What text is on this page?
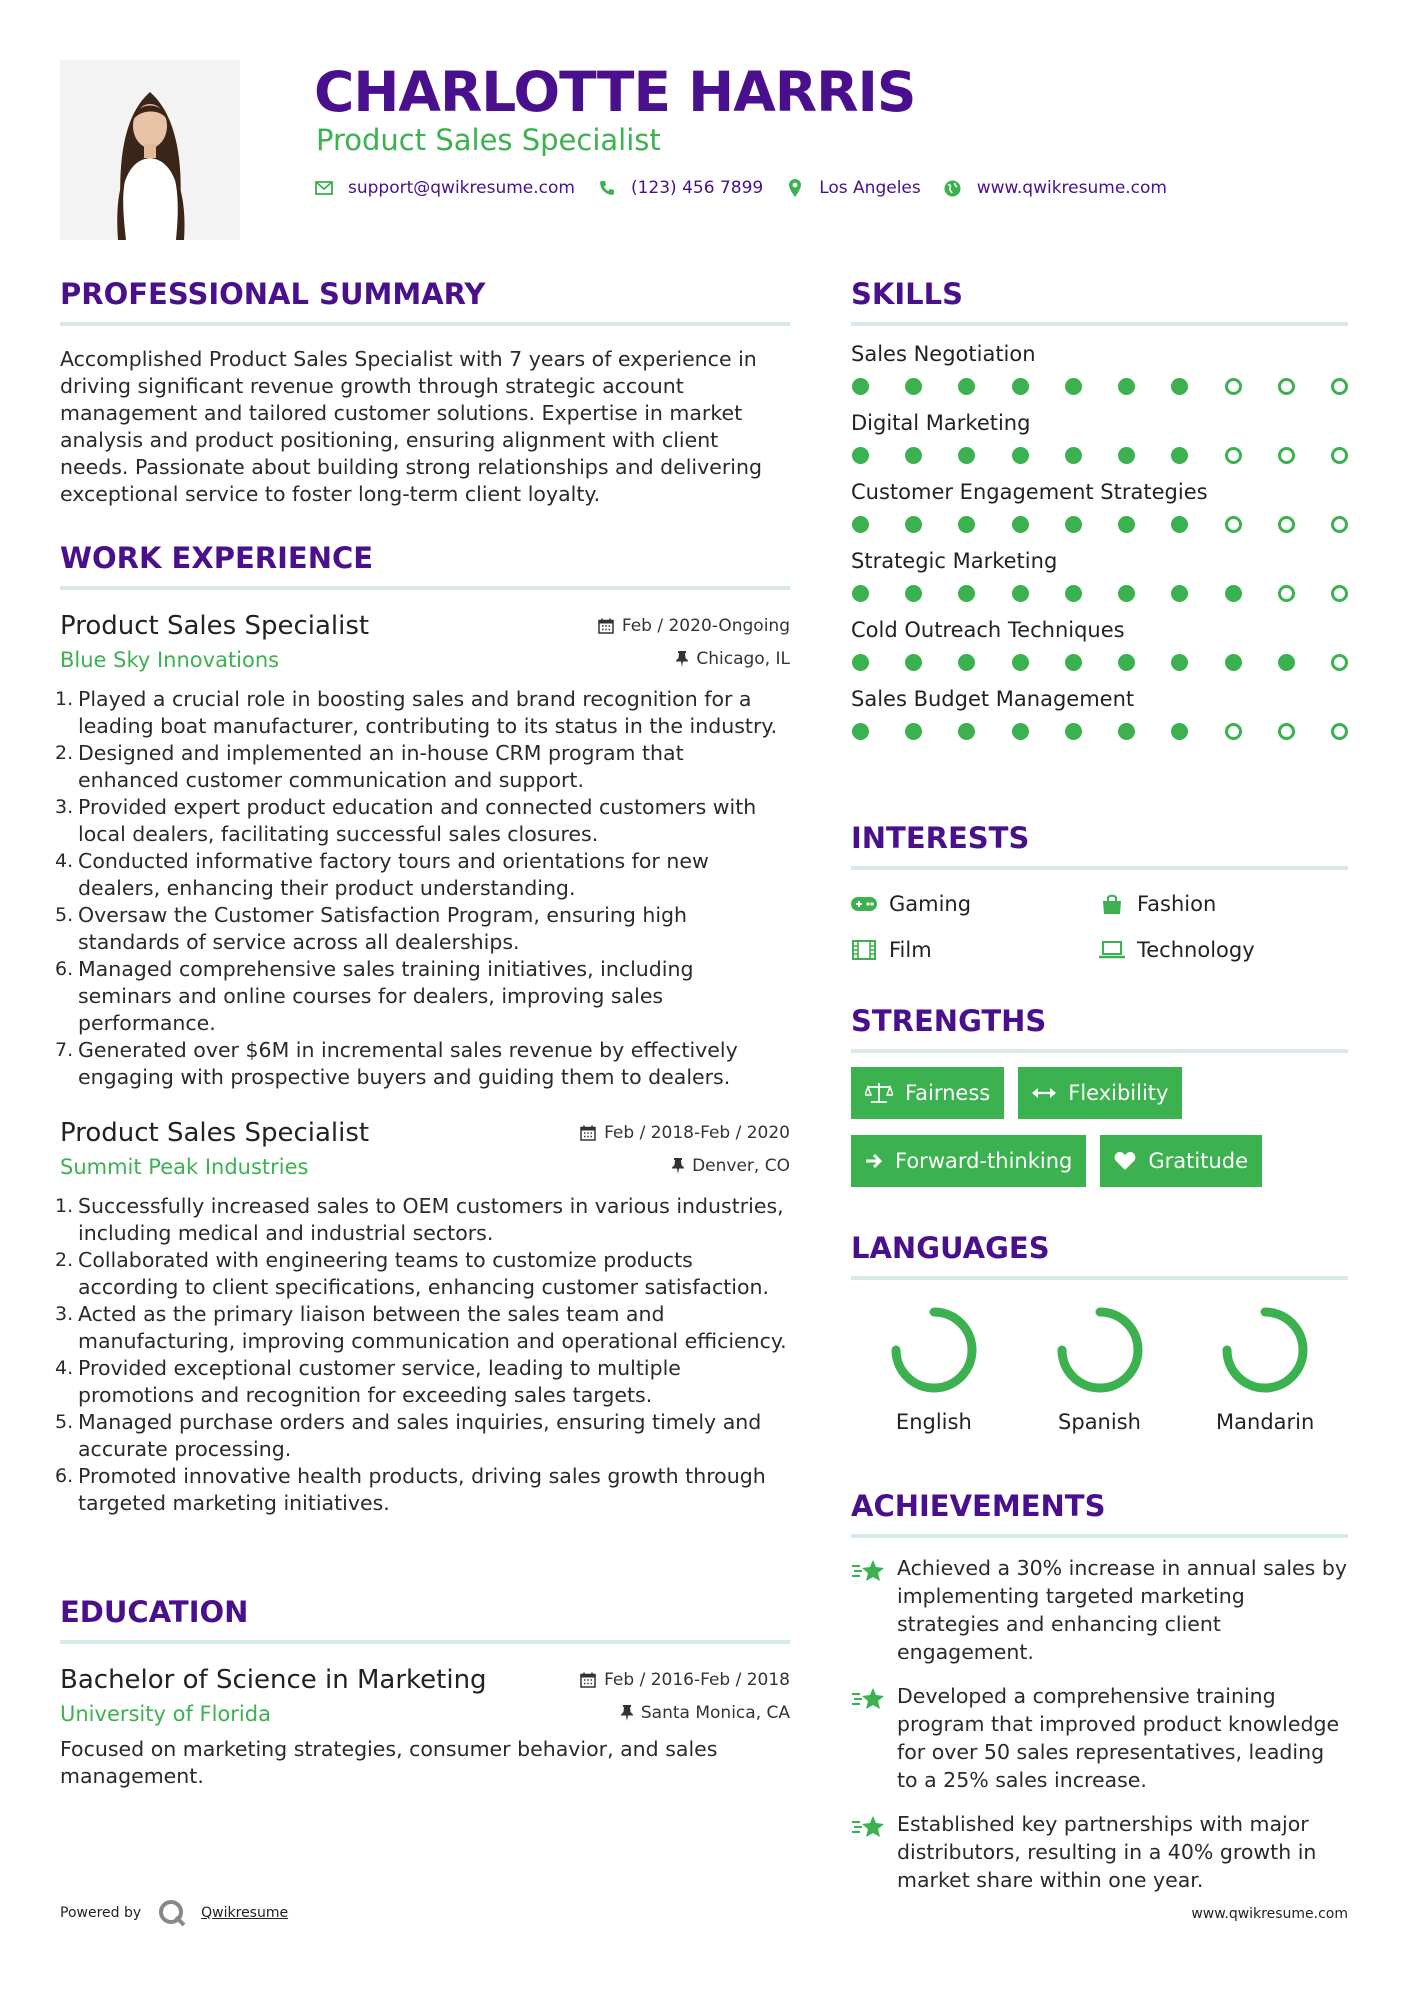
CHARLOTTE HARRIS
Product Sales Specialist
support@qwikresume.com	(123) 456 7899	Los Angeles	www.qwikresume.com
PROFESSIONAL SUMMARY

Accomplished Product Sales Specialist with 7 years of experience in driving significant revenue growth through strategic account management and tailored customer solutions. Expertise in market analysis and product positioning, ensuring alignment with client needs. Passionate about building strong relationships and delivering exceptional service to foster long-term client loyalty.

WORK EXPERIENCE
Product Sales Specialist	Feb / 2020-Ongoing
Blue Sky Innovations	Chicago, IL
1. Played a crucial role in boosting sales and brand recognition for a leading boat manufacturer, contributing to its status in the industry.
2. Designed and implemented an in-house CRM program that enhanced customer communication and support.
3. Provided expert product education and connected customers with local dealers, facilitating successful sales closures.
4. Conducted informative factory tours and orientations for new dealers, enhancing their product understanding.
5. Oversaw the Customer Satisfaction Program, ensuring high standards of service across all dealerships.
6. Managed comprehensive sales training initiatives, including seminars and online courses for dealers, improving sales performance.
7. Generated over $6M in incremental sales revenue by effectively engaging with prospective buyers and guiding them to dealers.
Product Sales Specialist	Feb / 2018-Feb / 2020
Summit Peak Industries	Denver, CO
1. Successfully increased sales to OEM customers in various industries, including medical and industrial sectors.
2. Collaborated with engineering teams to customize products according to client specifications, enhancing customer satisfaction.
3. Acted as the primary liaison between the sales team and manufacturing, improving communication and operational efficiency.
4. Provided exceptional customer service, leading to multiple promotions and recognition for exceeding sales targets.
5. Managed purchase orders and sales inquiries, ensuring timely and accurate processing.
6. Promoted innovative health products, driving sales growth through targeted marketing initiatives.
EDUCATION
Bachelor of Science in Marketing	Feb / 2016-Feb / 2018
University of Florida	Santa Monica, CA

Focused on marketing strategies, consumer behavior, and sales management.

SKILLS
Sales Negotiation
Digital Marketing
Customer Engagement Strategies
Strategic Marketing
Cold Outreach Techniques
Sales Budget Management
INTERESTS
Gaming	Fashion
Film	Technology
STRENGTHS
Fairness	Flexibility
Forward-thinking	Gratitude
LANGUAGES
English	Spanish	Mandarin
ACHIEVEMENTS
Achieved a 30% increase in annual sales by implementing targeted marketing strategies and enhancing client engagement.
Developed a comprehensive training program that improved product knowledge for over 50 sales representatives, leading to a 25% sales increase.
Established key partnerships with major distributors, resulting in a 40% growth in market share within one year.
Powered by	Qwikresume	www.qwikresume.com
